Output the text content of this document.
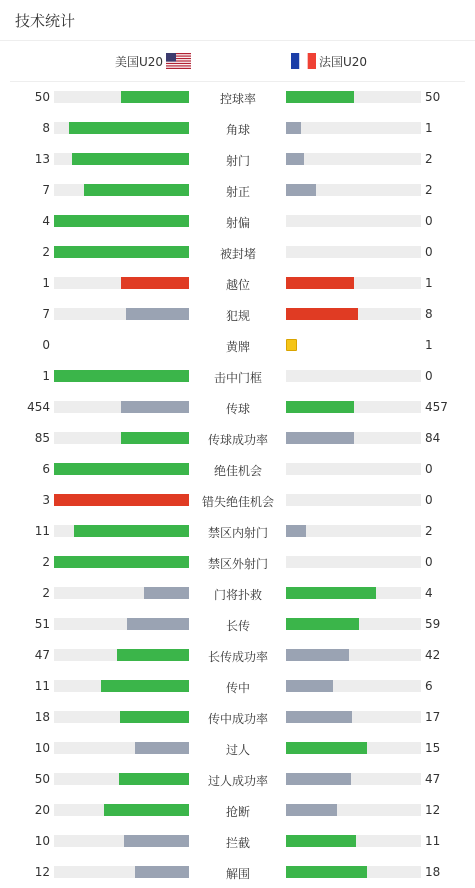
技术统计
美国U20	法国U20
50	控球率	50
8	角球	1
13	射门	2
7	射正	2
4	射偏	0
2	被封堵	0
1	越位	1
7	犯规	8
0	黄牌	1
1	击中门框	0
454	传球	457
85	传球成功率	84
6	绝佳机会	0
3	错失绝佳机会	0
11	禁区内射门	2
2	禁区外射门	0
2	门将扑救	4
51	长传	59
47	长传成功率	42
11	传中	6
18	传中成功率	17
10	过人	15
50	过人成功率	47
20	抢断	12
10	拦截	11
12	解围	18
